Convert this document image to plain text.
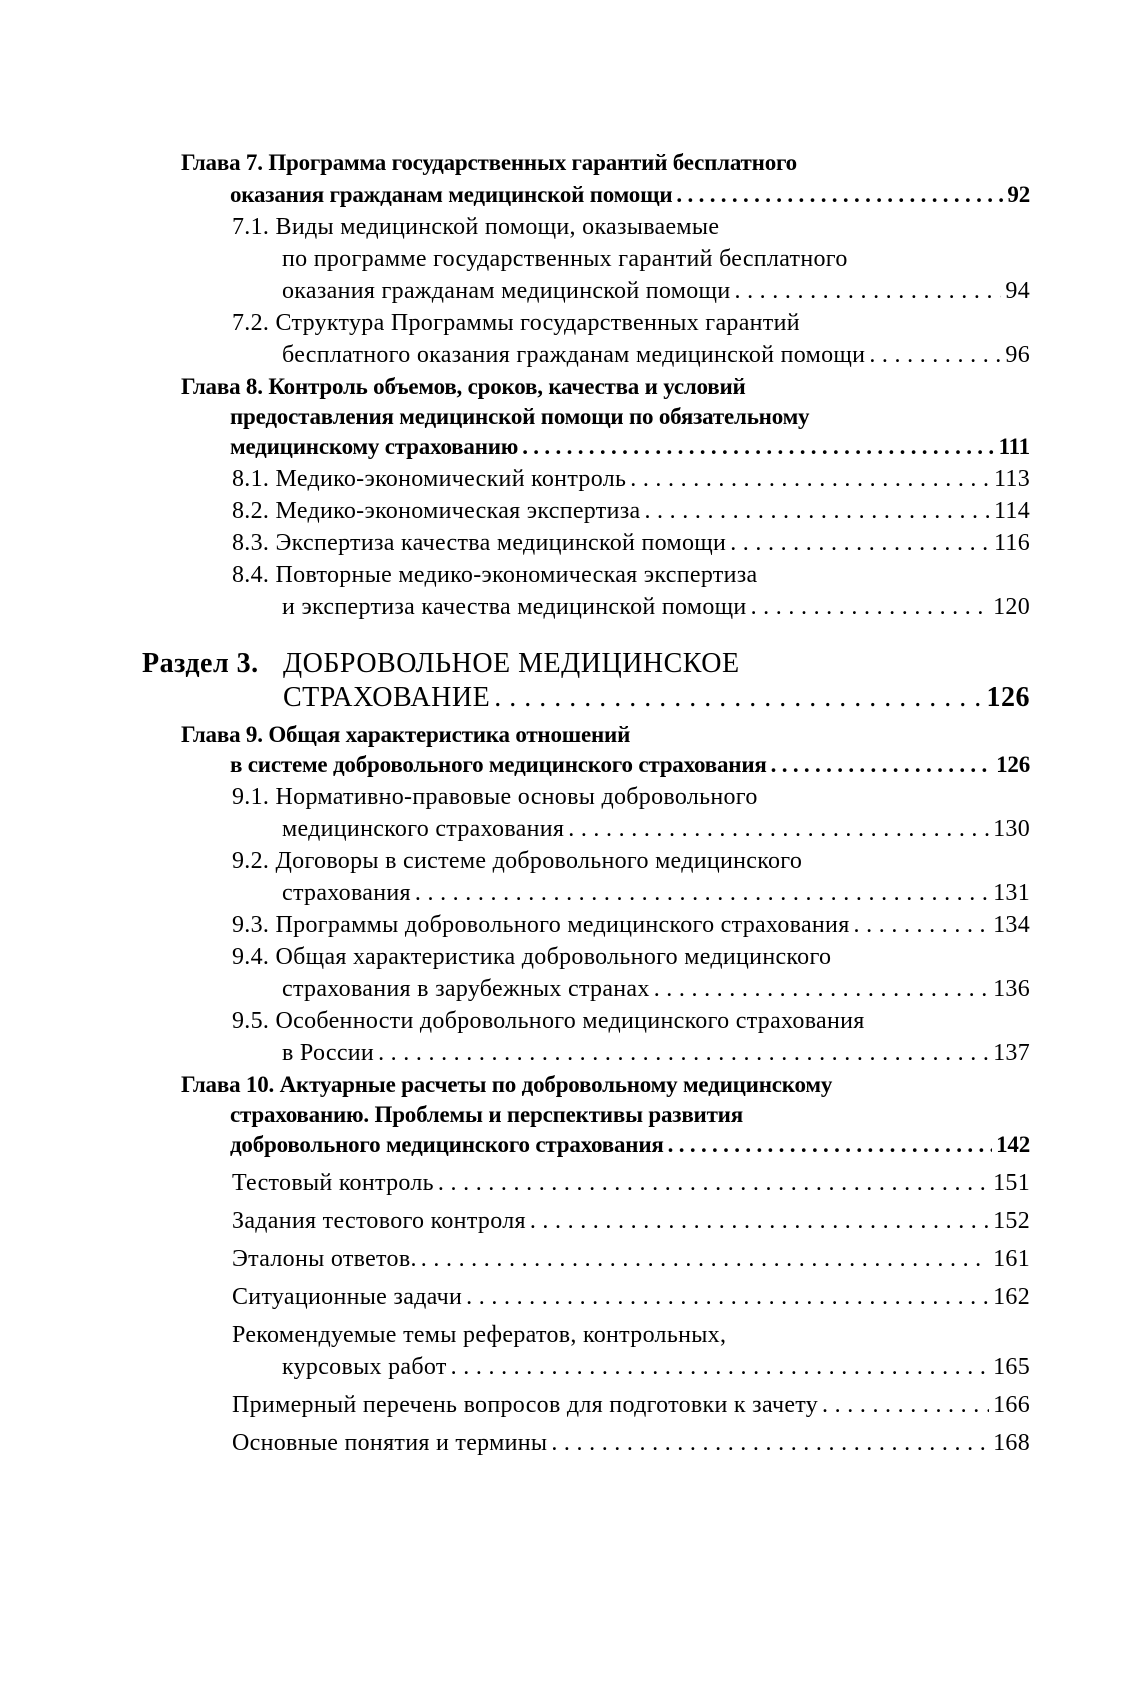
Глава 7. Программа государственных гарантий бесплатного
оказания гражданам медицинской помощи . . .	92
7.1. Виды медицинской помощи, оказываемые
по программе государственных гарантий бесплатного
оказания гражданам медицинской помощи . . .	94
7.2. Структура Программы государственных гарантий
бесплатного оказания гражданам медицинской помощи . . .	96
Глава 8. Контроль объемов, сроков, качества и условий
предоставления медицинской помощи по обязательному
медицинскому страхованию . . .	111
8.1. Медико-экономический контроль . . .	113
8.2. Медико-экономическая экспертиза . . .	114
8.3. Экспертиза качества медицинской помощи . . .	116
8.4. Повторные медико-экономическая экспертиза
и экспертиза качества медицинской помощи . . .	120
Раздел 3. ДОБРОВОЛЬНОЕ МЕДИЦИНСКОЕ
СТРАХОВАНИЕ . . .	126
Глава 9. Общая характеристика отношений
в системе добровольного медицинского страхования . . .	126
9.1. Нормативно-правовые основы добровольного
медицинского страхования . . .	130
9.2. Договоры в системе добровольного медицинского
страхования . . .	131
9.3. Программы добровольного медицинского страхования . . .	134
9.4. Общая характеристика добровольного медицинского
страхования в зарубежных странах . . .	136
9.5. Особенности добровольного медицинского страхования
в России . . .	137
Глава 10. Актуарные расчеты по добровольному медицинскому
страхованию. Проблемы и перспективы развития
добровольного медицинского страхования . . .	142
Тестовый контроль . . .	151
Задания тестового контроля . . .	152
Эталоны ответов. . . .	161
Ситуационные задачи . . .	162
Рекомендуемые темы рефератов, контрольных,
курсовых работ . . .	165
Примерный перечень вопросов для подготовки к зачету . . .	166
Основные понятия и термины . . .	168
